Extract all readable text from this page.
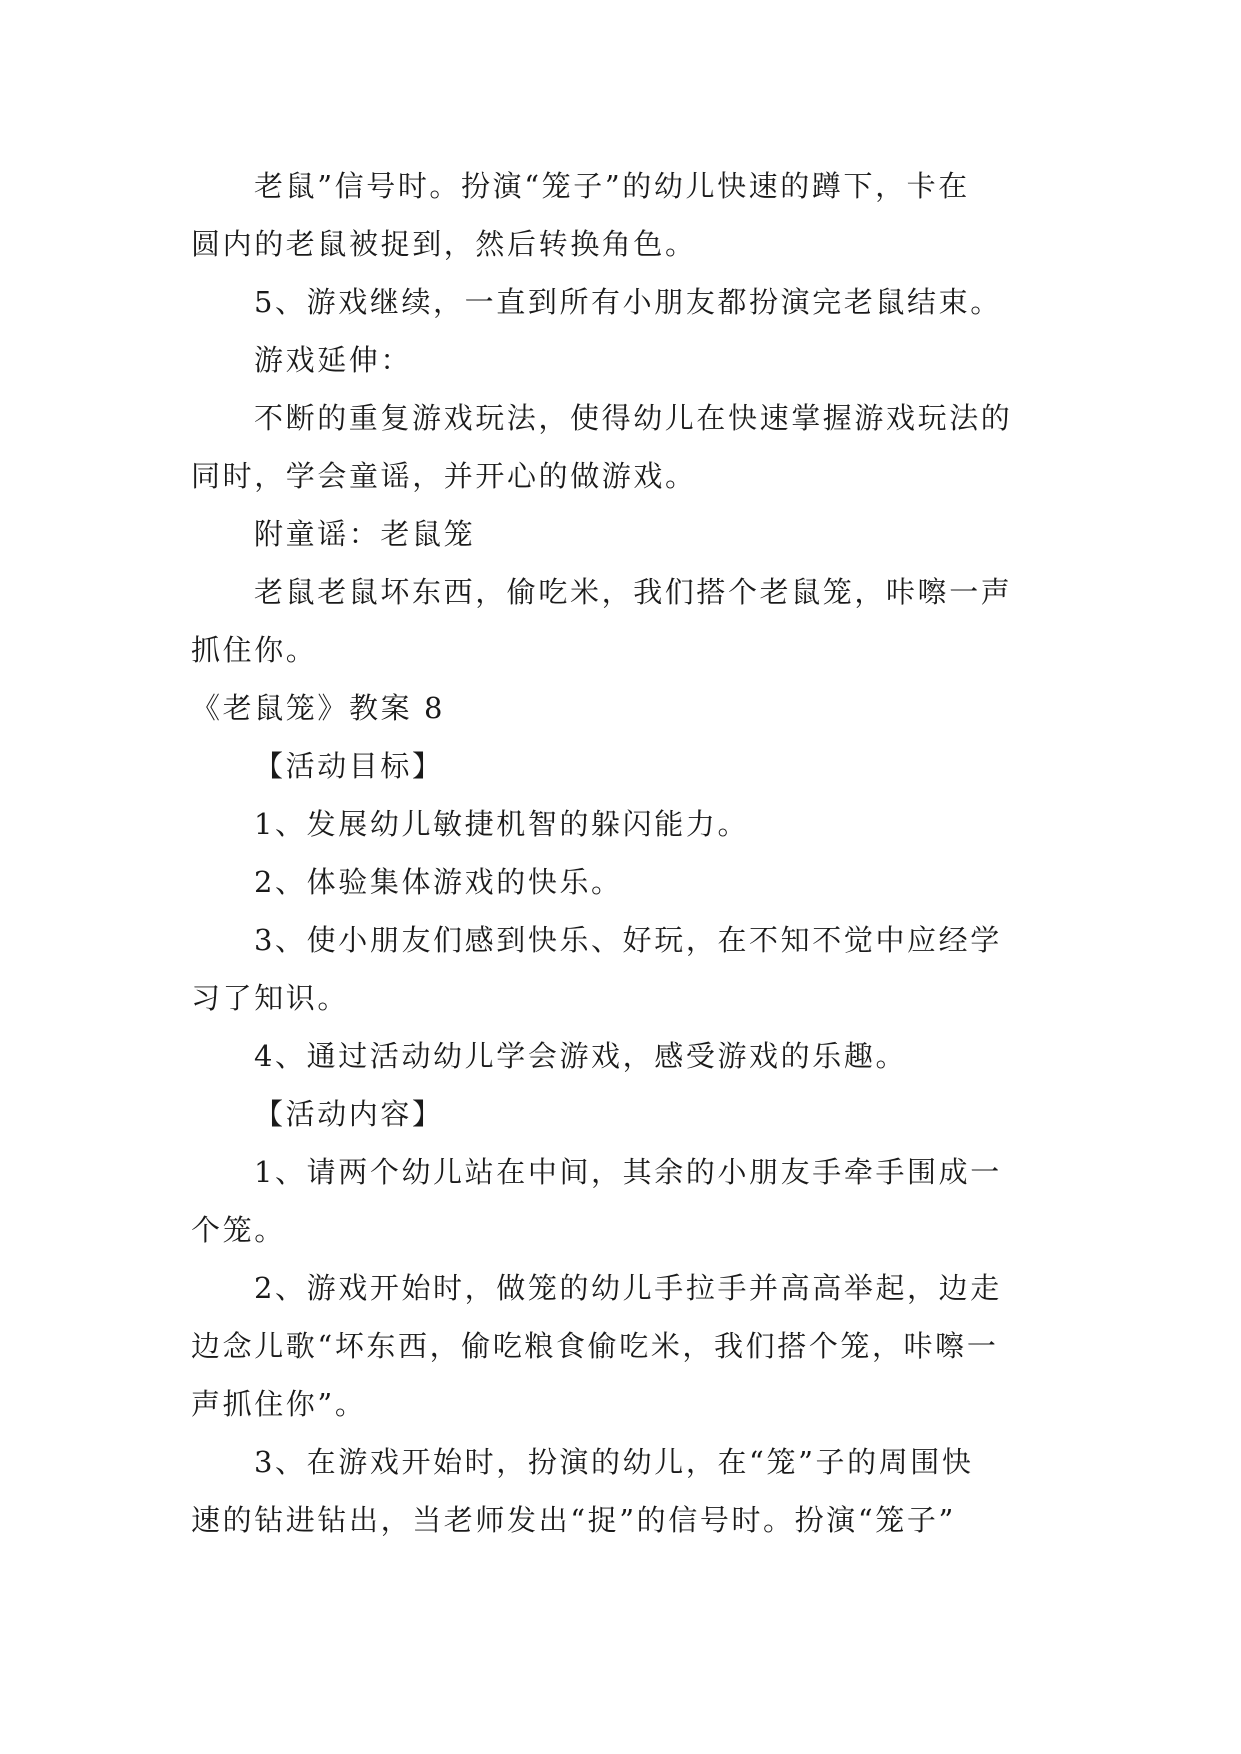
老鼠”信号时。扮演“笼子”的幼儿快速的蹲下，卡在
圆内的老鼠被捉到，然后转换角色。
5、游戏继续，一直到所有小朋友都扮演完老鼠结束。
游戏延伸：
不断的重复游戏玩法，使得幼儿在快速掌握游戏玩法的
同时，学会童谣，并开心的做游戏。
附童谣：老鼠笼
老鼠老鼠坏东西，偷吃米，我们搭个老鼠笼，咔嚓一声
抓住你。
《老鼠笼》教案 8
【活动目标】
1、发展幼儿敏捷机智的躲闪能力。
2、体验集体游戏的快乐。
3、使小朋友们感到快乐、好玩，在不知不觉中应经学
习了知识。
4、通过活动幼儿学会游戏，感受游戏的乐趣。
【活动内容】
1、请两个幼儿站在中间，其余的小朋友手牵手围成一
个笼。
2、游戏开始时，做笼的幼儿手拉手并高高举起，边走
边念儿歌“坏东西，偷吃粮食偷吃米，我们搭个笼，咔嚓一
声抓住你”。
3、在游戏开始时，扮演的幼儿，在“笼”子的周围快
速的钻进钻出，当老师发出“捉”的信号时。扮演“笼子”
